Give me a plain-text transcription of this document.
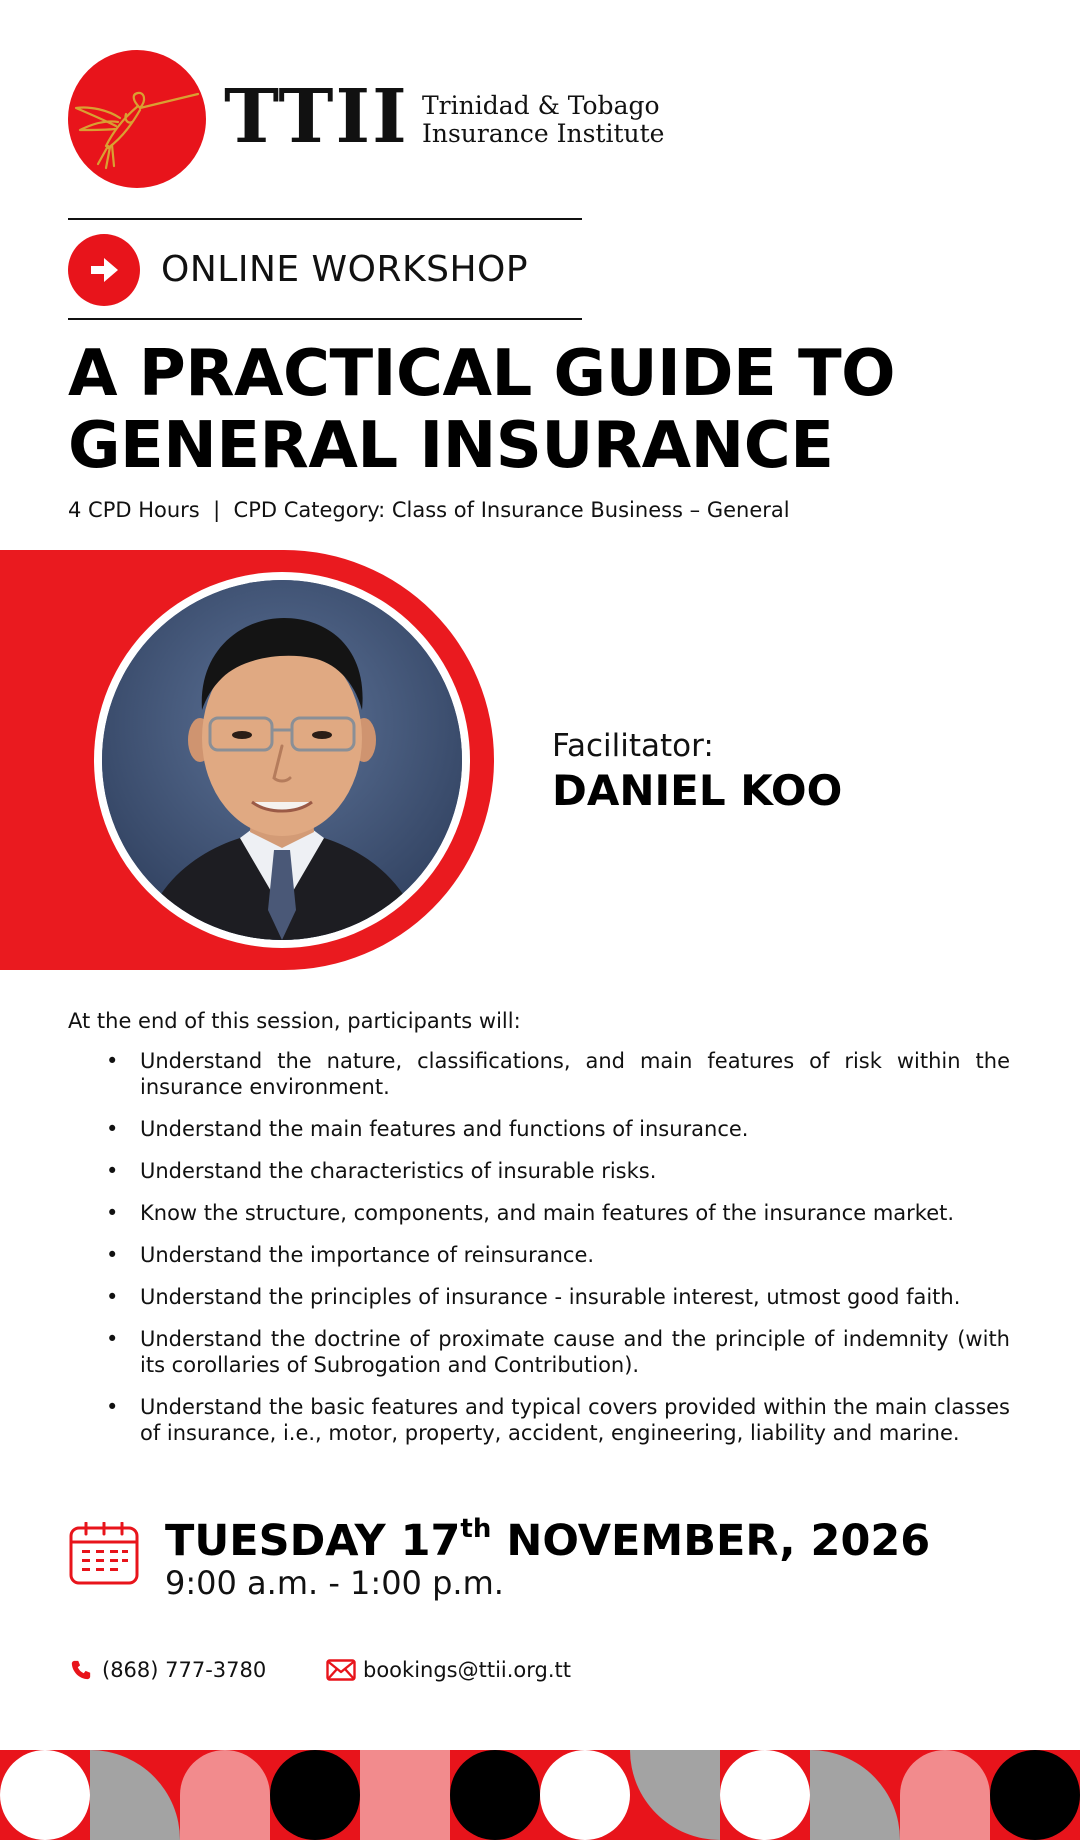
TTII Trinidad & Tobago
Insurance Institute
ONLINE WORKSHOP
A PRACTICAL GUIDE TO
GENERAL INSURANCE
4 CPD Hours | CPD Category: Class of Insurance Business – General
Facilitator:
DANIEL KOO
At the end of this session, participants will:
• Understand the nature, classifications, and main features of risk within the insurance environment.
• Understand the main features and functions of insurance.
• Understand the characteristics of insurable risks.
• Know the structure, components, and main features of the insurance market.
• Understand the importance of reinsurance.
• Understand the principles of insurance - insurable interest, utmost good faith.
• Understand the doctrine of proximate cause and the principle of indemnity (with its corollaries of Subrogation and Contribution).
• Understand the basic features and typical covers provided within the main classes of insurance, i.e., motor, property, accident, engineering, liability and marine.
TUESDAY 17th NOVEMBER, 2026
9:00 a.m. - 1:00 p.m.
(868) 777-3780	bookings@ttii.org.tt
